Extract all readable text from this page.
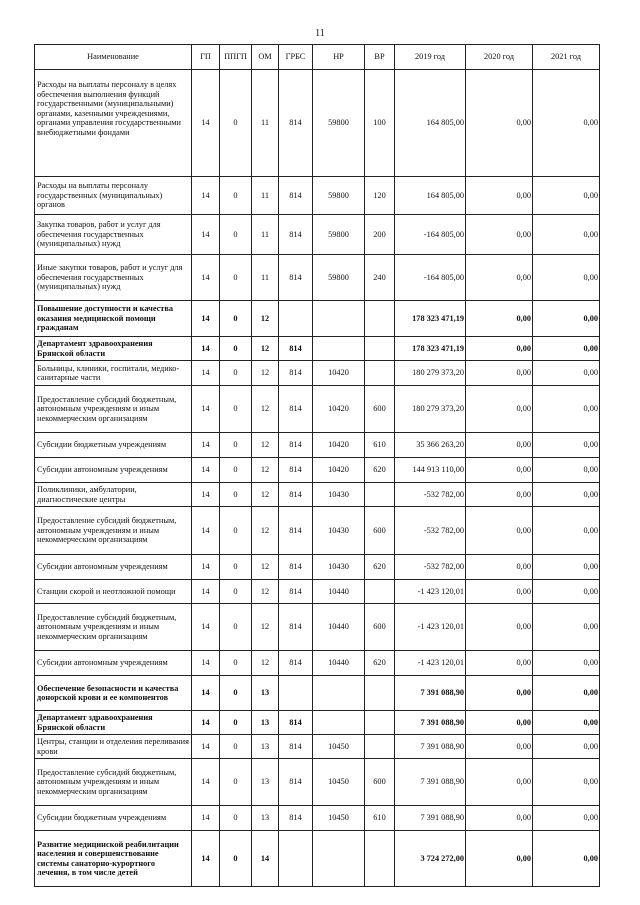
11
Наименование	ГП	ППГП	ОМ	ГРБС	НР	ВР	2019 год	2020 год	2021 год
Расходы на выплаты персоналу в целях обеспечения выполнения функций государственными (муниципальными) органами, казенными учреждениями, органами управления государственными внебюджетными фондами	14	0	11	814	59800	100	164 805,00	0,00	0,00
Расходы на выплаты персоналу государственных (муниципальных) органов	14	0	11	814	59800	120	164 805,00	0,00	0,00
Закупка товаров, работ и услуг для обеспечения государственных (муниципальных) нужд	14	0	11	814	59800	200	-164 805,00	0,00	0,00
Иные закупки товаров, работ и услуг для обеспечения государственных (муниципальных) нужд	14	0	11	814	59800	240	-164 805,00	0,00	0,00
Повышение доступности и качества оказания медицинской помощи гражданам	14	0	12				178 323 471,19	0,00	0,00
Департамент здравоохранения Брянской области	14	0	12	814			178 323 471,19	0,00	0,00
Больницы, клиники, госпитали, медико-санитарные части	14	0	12	814	10420		180 279 373,20	0,00	0,00
Предоставление субсидий бюджетным, автономным учреждениям и иным некоммерческим организациям	14	0	12	814	10420	600	180 279 373,20	0,00	0,00
Субсидии бюджетным учреждениям	14	0	12	814	10420	610	35 366 263,20	0,00	0,00
Субсидии автономным учреждениям	14	0	12	814	10420	620	144 913 110,00	0,00	0,00
Поликлиники, амбулатории, диагностические центры	14	0	12	814	10430		-532 782,00	0,00	0,00
Предоставление субсидий бюджетным, автономным учреждениям и иным некоммерческим организациям	14	0	12	814	10430	600	-532 782,00	0,00	0,00
Субсидии автономным учреждениям	14	0	12	814	10430	620	-532 782,00	0,00	0,00
Станции скорой и неотложной помощи	14	0	12	814	10440		-1 423 120,01	0,00	0,00
Предоставление субсидий бюджетным, автономным учреждениям и иным некоммерческим организациям	14	0	12	814	10440	600	-1 423 120,01	0,00	0,00
Субсидии автономным учреждениям	14	0	12	814	10440	620	-1 423 120,01	0,00	0,00
Обеспечение безопасности и качества донорской крови и ее компонентов	14	0	13				7 391 088,90	0,00	0,00
Департамент здравоохранения Брянской области	14	0	13	814			7 391 088,90	0,00	0,00
Центры, станции и отделения переливания крови	14	0	13	814	10450		7 391 088,90	0,00	0,00
Предоставление субсидий бюджетным, автономным учреждениям и иным некоммерческим организациям	14	0	13	814	10450	600	7 391 088,90	0,00	0,00
Субсидии бюджетным учреждениям	14	0	13	814	10450	610	7 391 088,90	0,00	0,00
Развитие медицинской реабилитации населения и совершенствование системы санаторно-курортного лечения, в том числе детей	14	0	14				3 724 272,00	0,00	0,00
